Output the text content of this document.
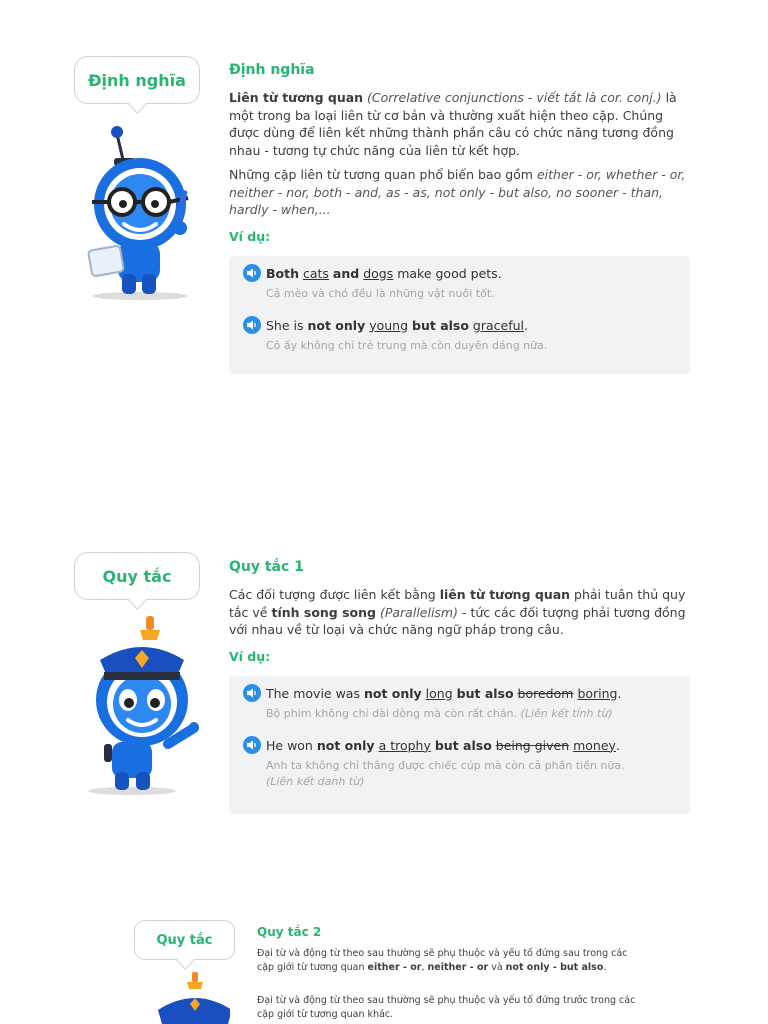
Định nghĩa
Định nghĩa

Liên từ tương quan (Correlative conjunctions - viết tắt là cor. conj.) là một trong ba loại liên từ cơ bản và thường xuất hiện theo cặp. Chúng được dùng để liên kết những thành phần câu có chức năng tương đồng nhau - tương tự chức năng của liên từ kết hợp.

Những cặp liên từ tương quan phổ biến bao gồm either - or, whether - or, neither - nor, both - and, as - as, not only - but also, no sooner - than, hardly - when,...

Ví dụ:
Both
cats
and
dogs make good pets.
Cả mèo và chó đều là những vật nuôi tốt.
She is not only
young
but also
graceful .
Cô ấy không chỉ trẻ trung mà còn duyên dáng nữa.
Quy tắc	Quy tắc 1

Các đối tượng được liên kết bằng liên từ tương quan phải tuân thủ quy tắc về tính song song (Parallelism) - tức các đối tượng phải tương đồng với nhau về từ loại và chức năng ngữ pháp trong câu.

Ví dụ:
The movie was not only
long
but also
boredom
boring .
Bộ phim không chỉ dài dòng mà còn rất chán. (Liên kết tính từ)
He won not only
a trophy
but also
being given
money .
Anh ta không chỉ thắng được chiếc cúp mà còn cả phần tiền nữa.
(Liên kết danh từ)
Quy tắc
Quy tắc 2

Đại từ và động từ theo sau thường sẽ phụ thuộc và yếu tố đứng sau trong các cặp giới từ tương quan either - or, neither - or và not only - but also.

Đại từ và động từ theo sau thường sẽ phụ thuộc và yếu tố đứng trước trong các cặp giới từ tương quan khác.
